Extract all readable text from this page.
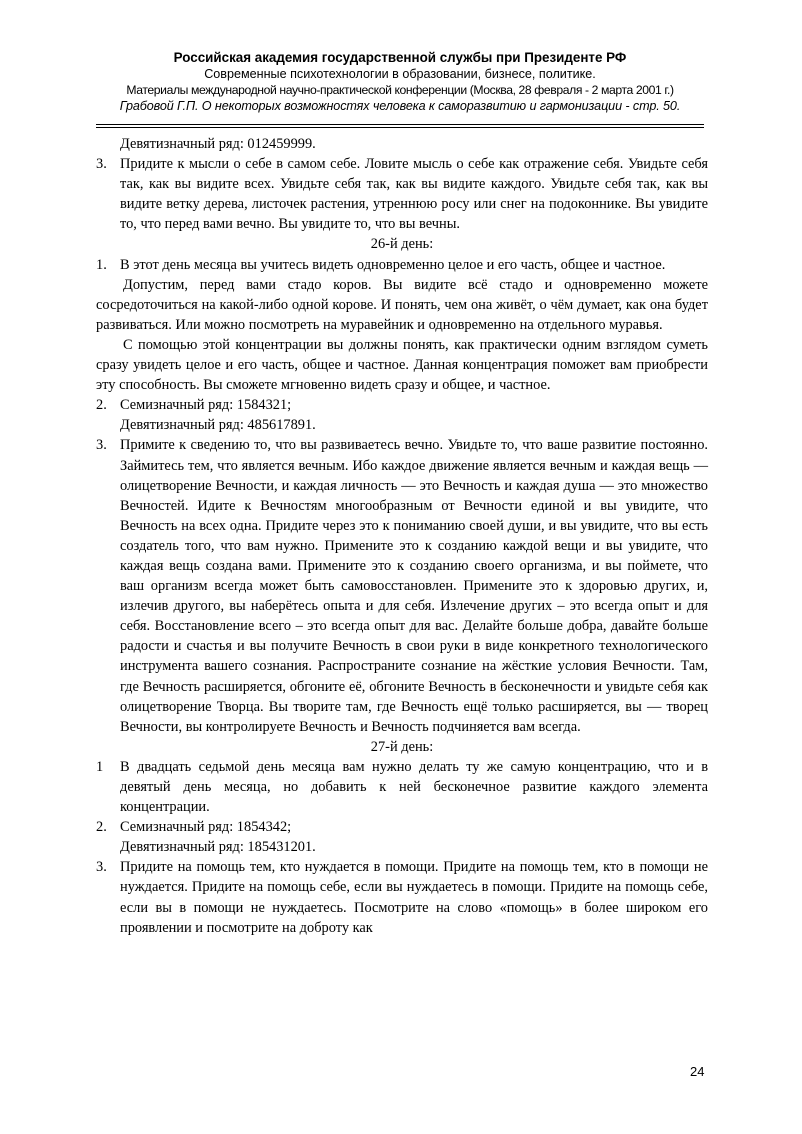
Российская академия государственной службы при Президенте РФ
Современные психотехнологии в образовании, бизнесе, политике.
Материалы международной научно-практической конференции (Москва, 28 февраля - 2 марта 2001 г.)
Грабовой Г.П. О некоторых возможностях человека к саморазвитию и гармонизации - стр. 50.
Девятизначный ряд: 012459999.
3. Придите к мысли о себе в самом себе. Ловите мысль о себе как отражение себя. Увидьте себя так, как вы видите всех. Увидьте себя так, как вы видите каждого. Увидьте себя так, как вы видите ветку дерева, листочек растения, утреннюю росу или снег на подоконнике. Вы увидите то, что перед вами вечно. Вы увидите то, что вы вечны.
26-й день:
1. В этот день месяца вы учитесь видеть одновременно целое и его часть, общее и частное.
Допустим, перед вами стадо коров. Вы видите всё стадо и одновременно можете сосредоточиться на какой-либо одной корове. И понять, чем она живёт, о чём думает, как она будет развиваться. Или можно посмотреть на муравейник и одновременно на отдельного муравья.
С помощью этой концентрации вы должны понять, как практически одним взглядом суметь сразу увидеть целое и его часть, общее и частное. Данная концентрация поможет вам приобрести эту способность. Вы сможете мгновенно видеть сразу и общее, и частное.
2. Семизначный ряд: 1584321;
Девятизначный ряд: 485617891.
3. Примите к сведению то, что вы развиваетесь вечно. Увидьте то, что ваше развитие постоянно. Займитесь тем, что является вечным. Ибо каждое движение является вечным и каждая вещь — олицетворение Вечности, и каждая личность — это Вечность и каждая душа — это множество Вечностей. Идите к Вечностям многообразным от Вечности единой и вы увидите, что Вечность на всех одна. Придите через это к пониманию своей души, и вы увидите, что вы есть создатель того, что вам нужно. Примените это к созданию каждой вещи и вы увидите, что каждая вещь создана вами. Примените это к созданию своего организма, и вы поймете, что ваш организм всегда может быть самовосстановлен. Примените это к здоровью других, и, излечив другого, вы наберётесь опыта и для себя. Излечение других – это всегда опыт и для себя. Восстановление всего – это всегда опыт для вас. Делайте больше добра, давайте больше радости и счастья и вы получите Вечность в свои руки в виде конкретного технологического инструмента вашего сознания. Распространите сознание на жёсткие условия Вечности. Там, где Вечность расширяется, обгоните её, обгоните Вечность в бесконечности и увидьте себя как олицетворение Творца. Вы творите там, где Вечность ещё только расширяется, вы — творец Вечности, вы контролируете Вечность и Вечность подчиняется вам всегда.
27-й день:
1 В двадцать седьмой день месяца вам нужно делать ту же самую концентрацию, что и в девятый день месяца, но добавить к ней бесконечное развитие каждого элемента концентрации.
2. Семизначный ряд: 1854342;
Девятизначный ряд: 185431201.
3. Придите на помощь тем, кто нуждается в помощи. Придите на помощь тем, кто в помощи не нуждается. Придите на помощь себе, если вы нуждаетесь в помощи. Придите на помощь себе, если вы в помощи не нуждаетесь. Посмотрите на слово «помощь» в более широком его проявлении и посмотрите на доброту как
24
